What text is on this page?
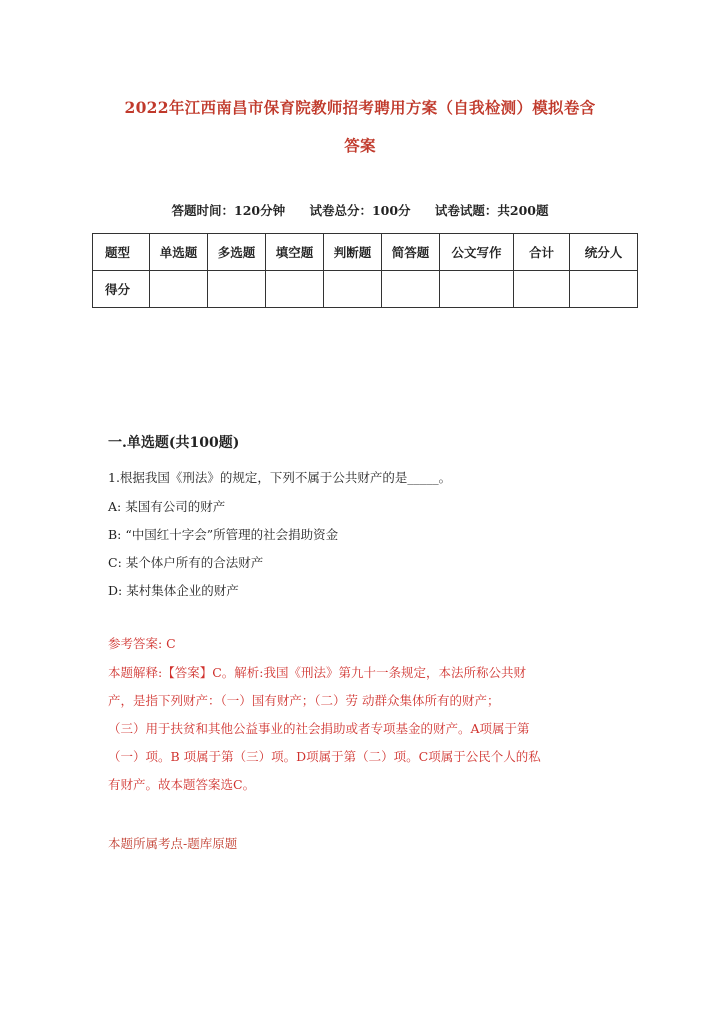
2022年江西南昌市保育院教师招考聘用方案（自我检测）模拟卷含
答案
答题时间：120分钟 试卷总分：100分 试卷试题：共200题
题型	单选题	多选题	填空题	判断题	简答题	公文写作	合计	统分人
得分								
一.单选题(共100题)
1.根据我国《刑法》的规定，下列不属于公共财产的是_____。
A: 某国有公司的财产
B: “中国红十字会”所管理的社会捐助资金
C: 某个体户所有的合法财产
D: 某村集体企业的财产
参考答案: C
本题解释:【答案】C。解析:我国《刑法》第九十一条规定，本法所称公共财
产，是指下列财产：（一）国有财产；（二）劳 动群众集体所有的财产；
（三）用于扶贫和其他公益事业的社会捐助或者专项基金的财产。A项属于第
（一）项。B 项属于第（三）项。D项属于第（二）项。C项属于公民个人的私
有财产。故本题答案选C。
本题所属考点-题库原题
